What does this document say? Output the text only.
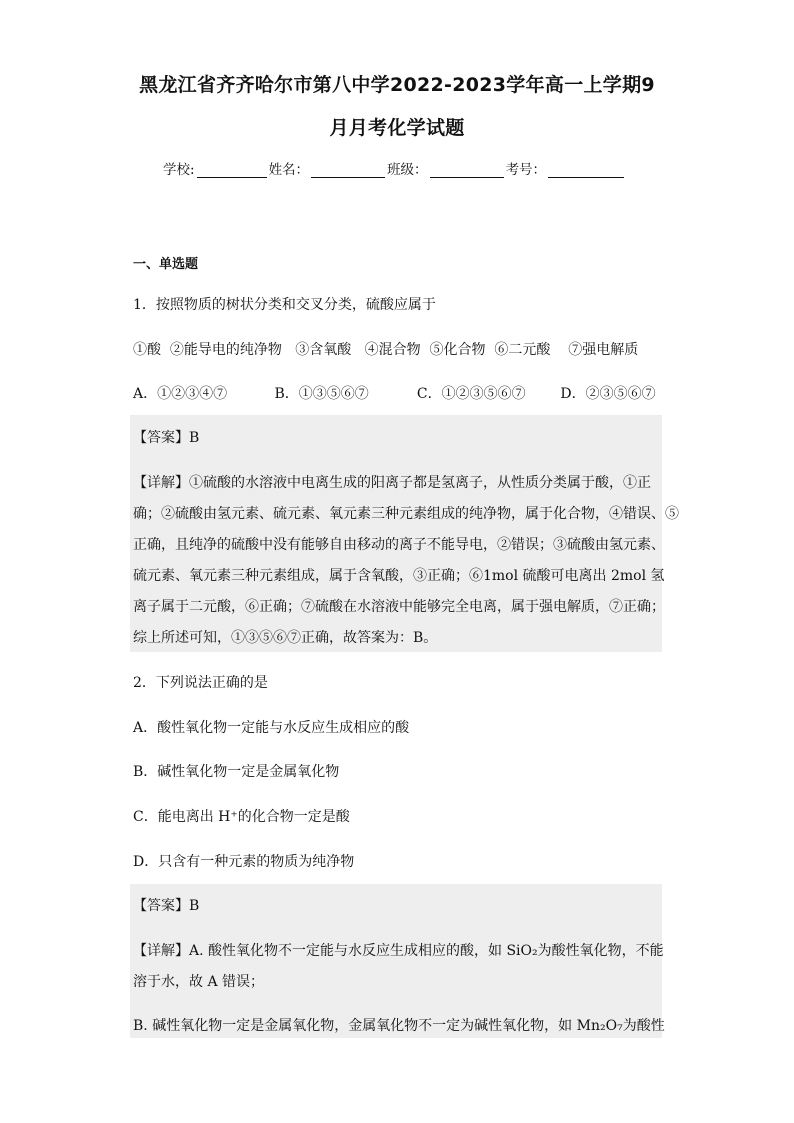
黑龙江省齐齐哈尔市第八中学2022-2023学年高一上学期9
月月考化学试题
学校:	姓名：	班级：	考号：
一、单选题
1．按照物质的树状分类和交叉分类，硫酸应属于
①酸  ②能导电的纯净物   ③含氧酸   ④混合物  ⑤化合物  ⑥二元酸    ⑦强电解质
A．①②③④⑦	B．①③⑤⑥⑦	C．①②③⑤⑥⑦ D．②③⑤⑥⑦
【答案】B
【详解】①硫酸的水溶液中电离生成的阳离子都是氢离子，从性质分类属于酸，①正
确；②硫酸由氢元素、硫元素、氧元素三种元素组成的纯净物，属于化合物，④错误、⑤
正确，且纯净的硫酸中没有能够自由移动的离子不能导电，②错误；③硫酸由氢元素、
硫元素、氧元素三种元素组成，属于含氧酸，③正确；⑥1mol 硫酸可电离出 2mol 氢
离子属于二元酸，⑥正确；⑦硫酸在水溶液中能够完全电离，属于强电解质，⑦正确；
综上所述可知，①③⑤⑥⑦正确，故答案为：B。
2．下列说法正确的是
A．酸性氧化物一定能与水反应生成相应的酸
B．碱性氧化物一定是金属氧化物
C．能电离出 H⁺的化合物一定是酸
D．只含有一种元素的物质为纯净物
【答案】B
【详解】A. 酸性氧化物不一定能与水反应生成相应的酸，如 SiO₂为酸性氧化物，不能
溶于水，故 A 错误；
B. 碱性氧化物一定是金属氧化物，金属氧化物不一定为碱性氧化物，如 Mn₂O₇为酸性
